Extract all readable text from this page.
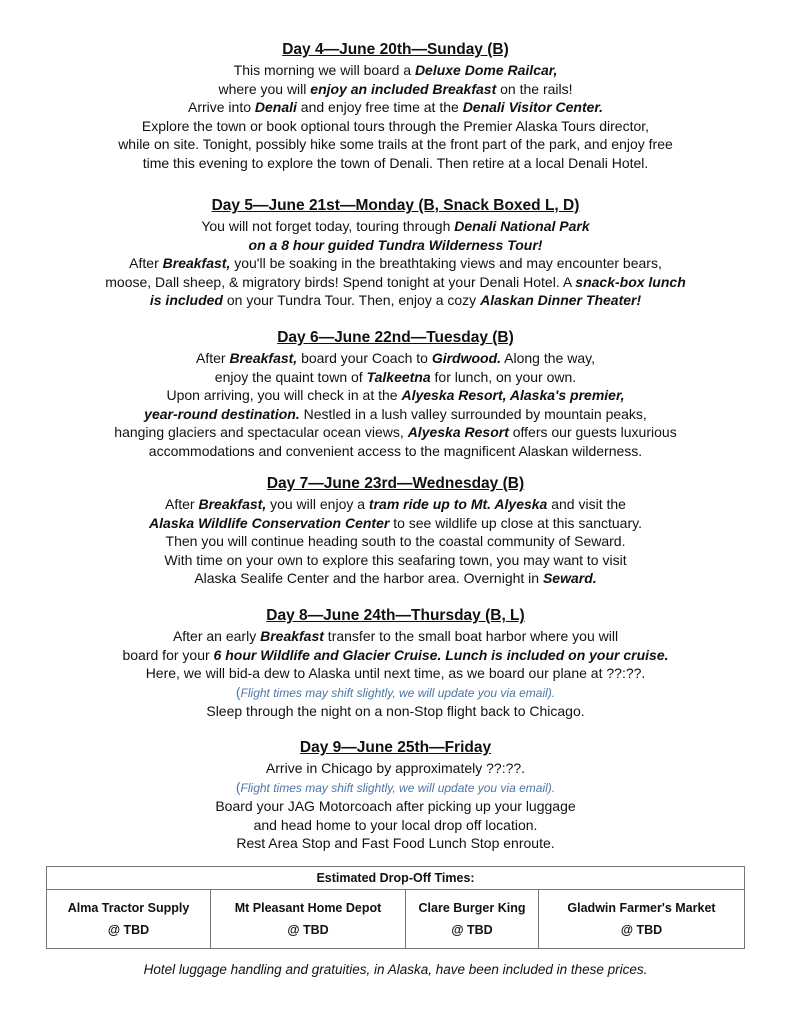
Day 4—June 20th—Sunday (B)

This morning we will board a Deluxe Dome Railcar,
where you will enjoy an included Breakfast on the rails!
Arrive into Denali and enjoy free time at the Denali Visitor Center.
Explore the town or book optional tours through the Premier Alaska Tours director,
while on site. Tonight, possibly hike some trails at the front part of the park, and enjoy free
time this evening to explore the town of Denali. Then retire at a local Denali Hotel.

Day 5—June 21st—Monday (B, Snack Boxed L, D)

You will not forget today, touring through Denali National Park
on a 8 hour guided Tundra Wilderness Tour!
After Breakfast, you'll be soaking in the breathtaking views and may encounter bears,
moose, Dall sheep, & migratory birds! Spend tonight at your Denali Hotel. A snack-box lunch
is included on your Tundra Tour. Then, enjoy a cozy Alaskan Dinner Theater!

Day 6—June 22nd—Tuesday (B)

After Breakfast, board your Coach to Girdwood. Along the way,
enjoy the quaint town of Talkeetna for lunch, on your own.
Upon arriving, you will check in at the Alyeska Resort, Alaska's premier,
year-round destination. Nestled in a lush valley surrounded by mountain peaks,
hanging glaciers and spectacular ocean views, Alyeska Resort offers our guests luxurious
accommodations and convenient access to the magnificent Alaskan wilderness.

Day 7—June 23rd—Wednesday (B)

After Breakfast, you will enjoy a tram ride up to Mt. Alyeska and visit the
Alaska Wildlife Conservation Center to see wildlife up close at this sanctuary.
Then you will continue heading south to the coastal community of Seward.
With time on your own to explore this seafaring town, you may want to visit
Alaska Sealife Center and the harbor area. Overnight in Seward.

Day 8—June 24th—Thursday (B, L)

After an early Breakfast transfer to the small boat harbor where you will
board for your 6 hour Wildlife and Glacier Cruise. Lunch is included on your cruise.
Here, we will bid-a dew to Alaska until next time, as we board our plane at ??:??.
(Flight times may shift slightly, we will update you via email).
Sleep through the night on a non-Stop flight back to Chicago.

Day 9—June 25th—Friday

Arrive in Chicago by approximately ??:??.
(Flight times may shift slightly, we will update you via email).
Board your JAG Motorcoach after picking up your luggage
and head home to your local drop off location.
Rest Area Stop and Fast Food Lunch Stop enroute.

Estimated Drop-Off Times:

Alma Tractor Supply
@ TBD

Mt Pleasant Home Depot
@ TBD

Clare Burger King
@ TBD

Gladwin Farmer's Market
@ TBD
Hotel luggage handling and gratuities, in Alaska, have been included in these prices.
